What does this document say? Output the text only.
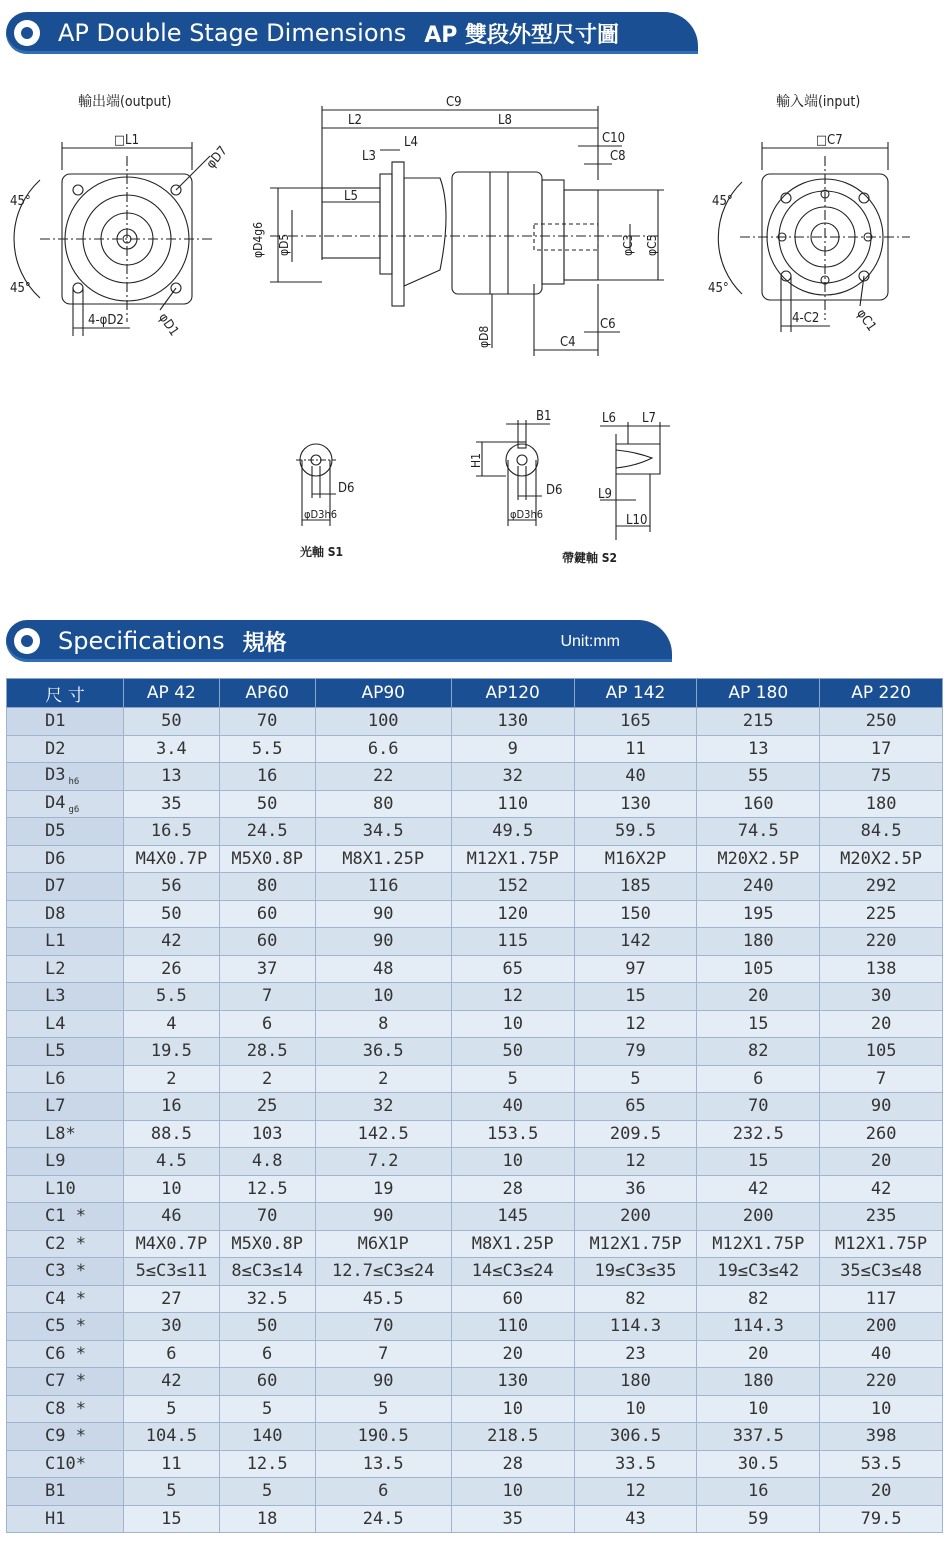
AP Double Stage Dimensions AP 雙段外型尺寸圖
輸出端(output)
□L1
45°
45°
φD7
φD1
4-φD2
C9
L2	L8
L4
L3
C10
C8
L5
φD4g6 φD5	φC3 φC5
φD8	C4
C6
輸入端(input)
□C7
45°
45°
4-C2	φC1
φD3h6
D6
光軸 S1
B1
H1
φD3h6
D6
帶鍵軸 S2
L6 L7
L9
L10
Specifications 規格	Unit:mm
尺 寸	AP 42	AP60	AP90	AP120	AP 142	AP 180	AP 220
D1	50	70	100	130	165	215	250
D2	3.4	5.5	6.6	9	11	13	17
D3 $_{h6}$	13	16	22	32	40	55	75
D4 $_{g6}$	35	50	80	110	130	160	180
D5	16.5	24.5	34.5	49.5	59.5	74.5	84.5
D6	M4X0.7P	M5X0.8P	M8X1.25P	M12X1.75P	M16X2P	M20X2.5P	M20X2.5P
D7	56	80	116	152	185	240	292
D8	50	60	90	120	150	195	225
L1	42	60	90	115	142	180	220
L2	26	37	48	65	97	105	138
L3	5.5	7	10	12	15	20	30
L4	4	6	8	10	12	15	20
L5	19.5	28.5	36.5	50	79	82	105
L6	2	2	2	5	5	6	7
L7	16	25	32	40	65	70	90
L8*	88.5	103	142.5	153.5	209.5	232.5	260
L9	4.5	4.8	7.2	10	12	15	20
L10	10	12.5	19	28	36	42	42
C1 *	46	70	90	145	200	200	235
C2 *	M4X0.7P	M5X0.8P	M6X1P	M8X1.25P	M12X1.75P	M12X1.75P	M12X1.75P
C3 *	5≤C3≤11	8≤C3≤14	12.7≤C3≤24	14≤C3≤24	19≤C3≤35	19≤C3≤42	35≤C3≤48
C4 *	27	32.5	45.5	60	82	82	117
C5 *	30	50	70	110	114.3	114.3	200
C6 *	6	6	7	20	23	20	40
C7 *	42	60	90	130	180	180	220
C8 *	5	5	5	10	10	10	10
C9 *	104.5	140	190.5	218.5	306.5	337.5	398
C10*	11	12.5	13.5	28	33.5	30.5	53.5
B1	5	5	6	10	12	16	20
H1	15	18	24.5	35	43	59	79.5
